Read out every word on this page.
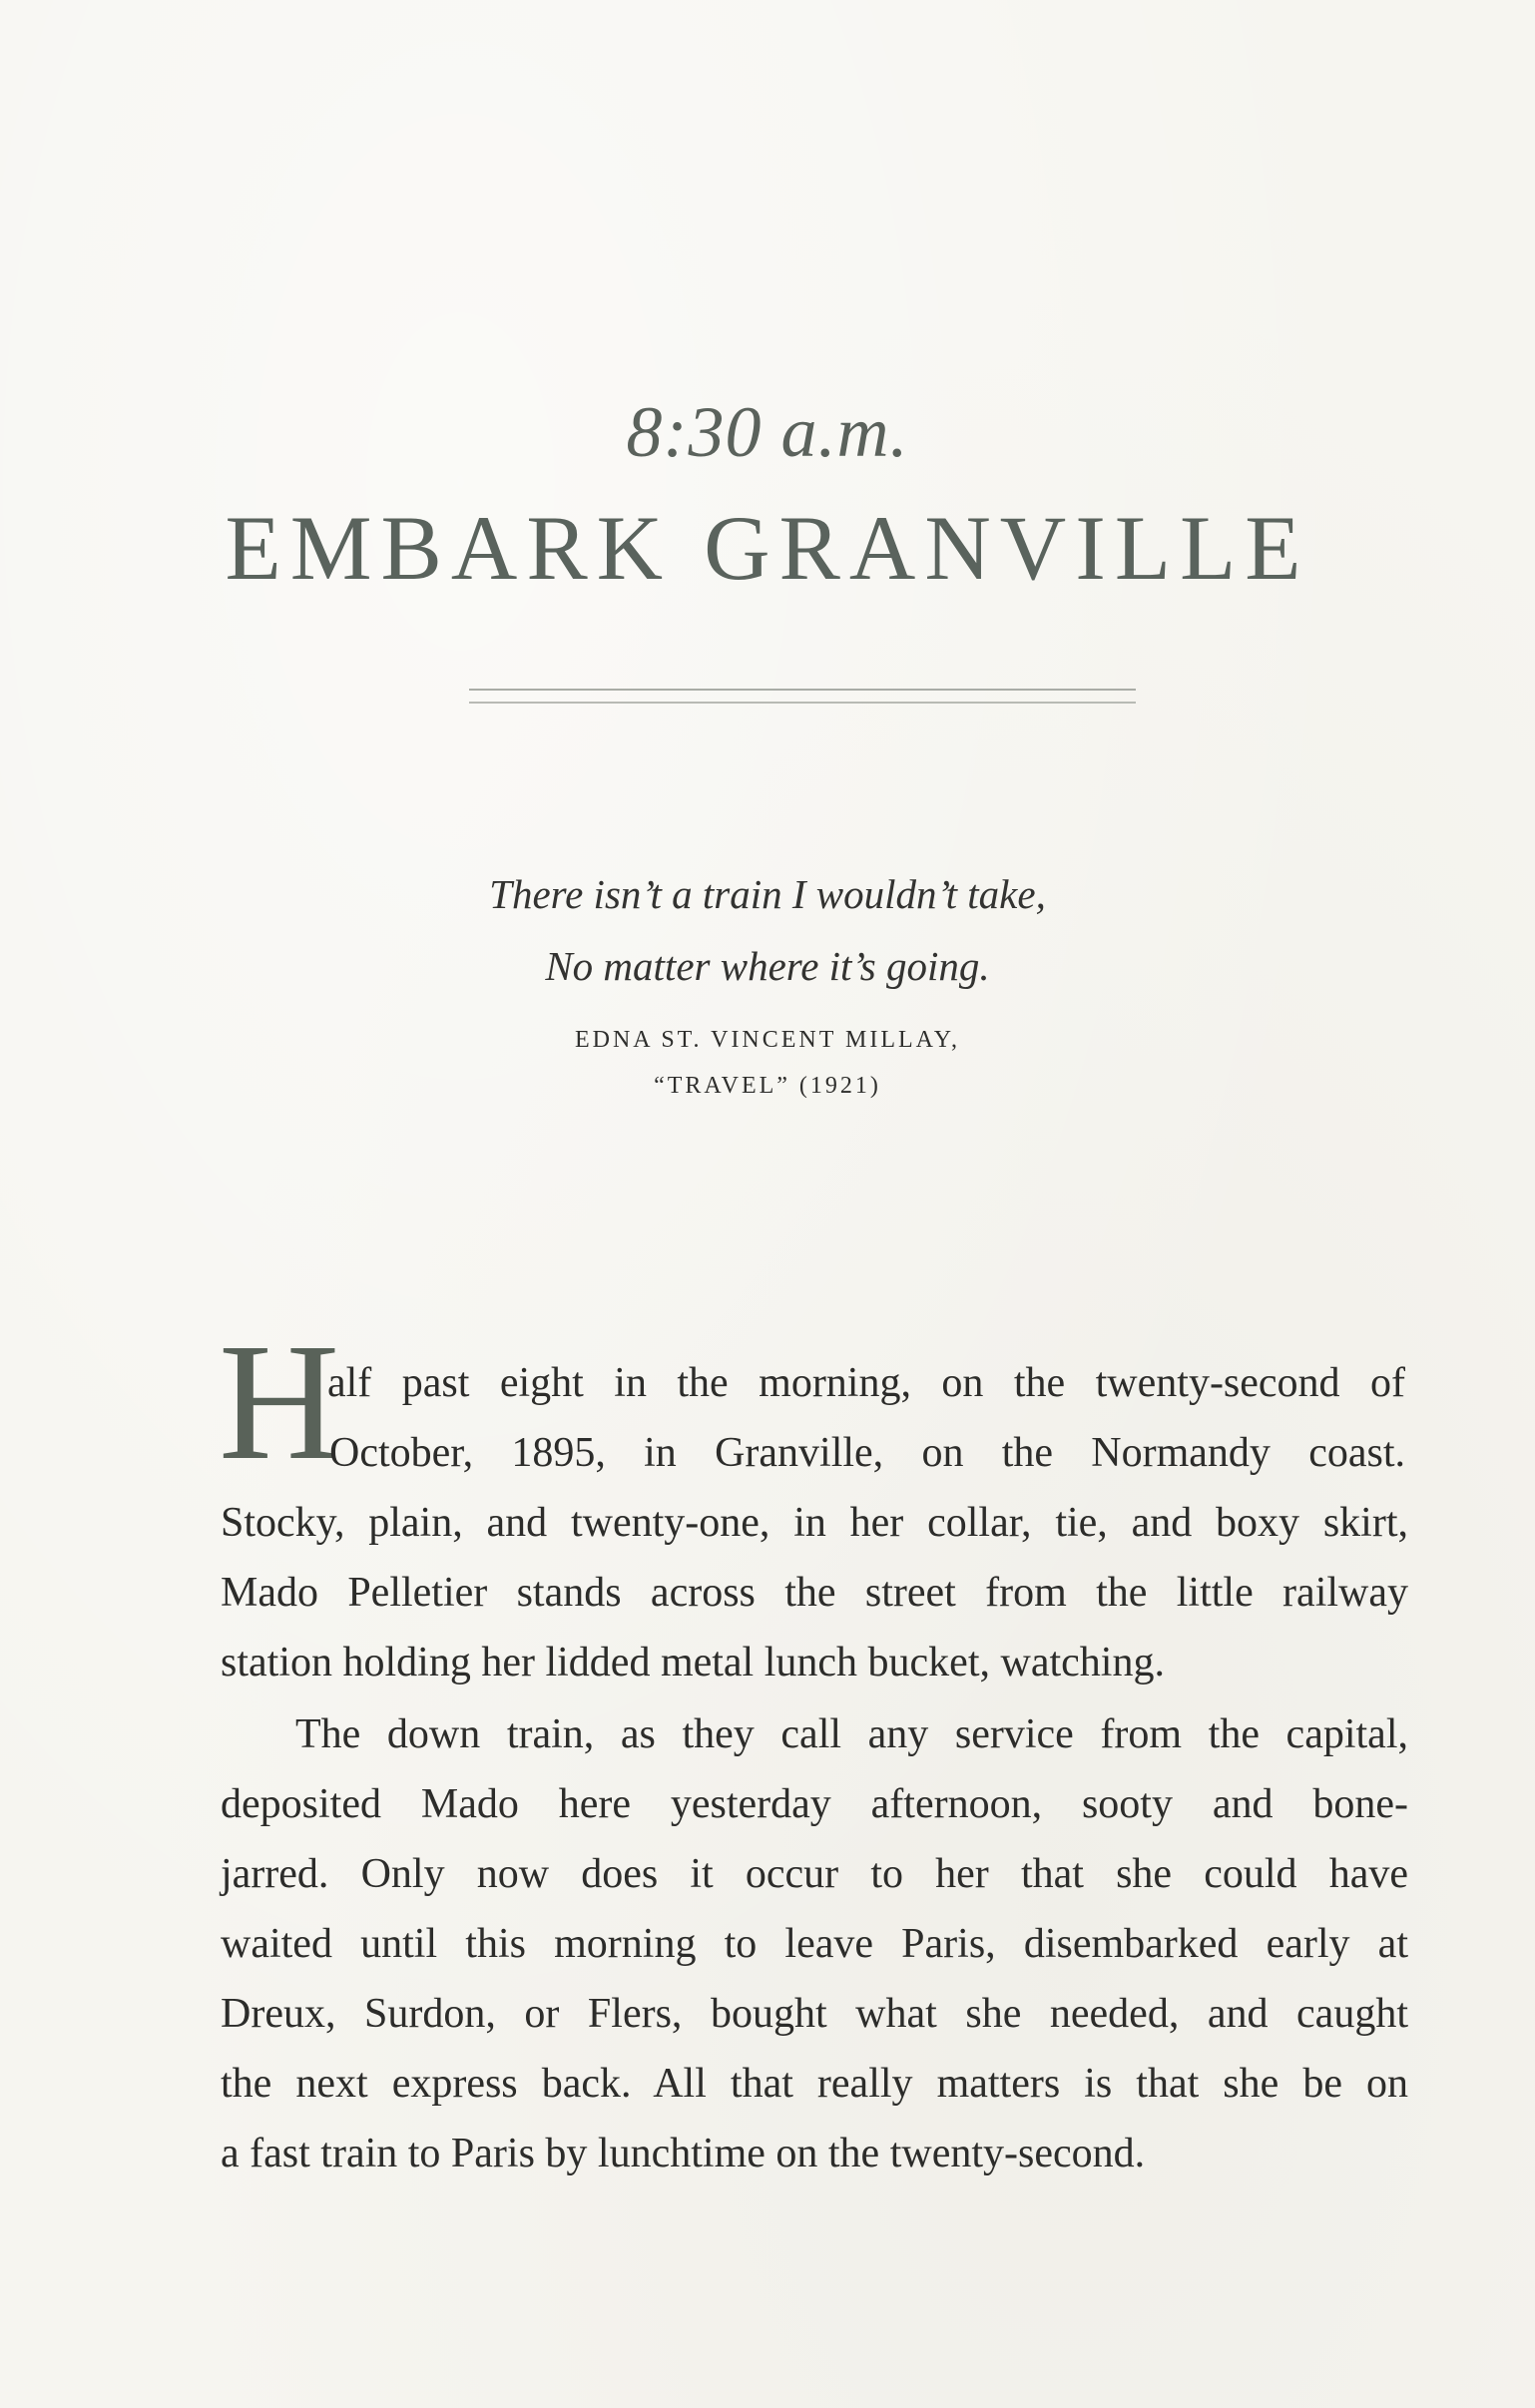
8:30 a.m.
EMBARK GRANVILLE
There isn’t a train I wouldn’t take,
No matter where it’s going.
EDNA ST. VINCENT MILLAY,
“TRAVEL” (1921)
H
alf past eight in the morning, on the twenty-second of
October, 1895, in Granville, on the Normandy coast.
Stocky, plain, and twenty-one, in her collar, tie, and boxy skirt,
Mado Pelletier stands across the street from the little railway
station holding her lidded metal lunch bucket, watching.
The down train, as they call any service from the capital,
deposited Mado here yesterday afternoon, sooty and bone-
jarred. Only now does it occur to her that she could have
waited until this morning to leave Paris, disembarked early at
Dreux, Surdon, or Flers, bought what she needed, and caught
the next express back. All that really matters is that she be on
a fast train to Paris by lunchtime on the twenty-second.
